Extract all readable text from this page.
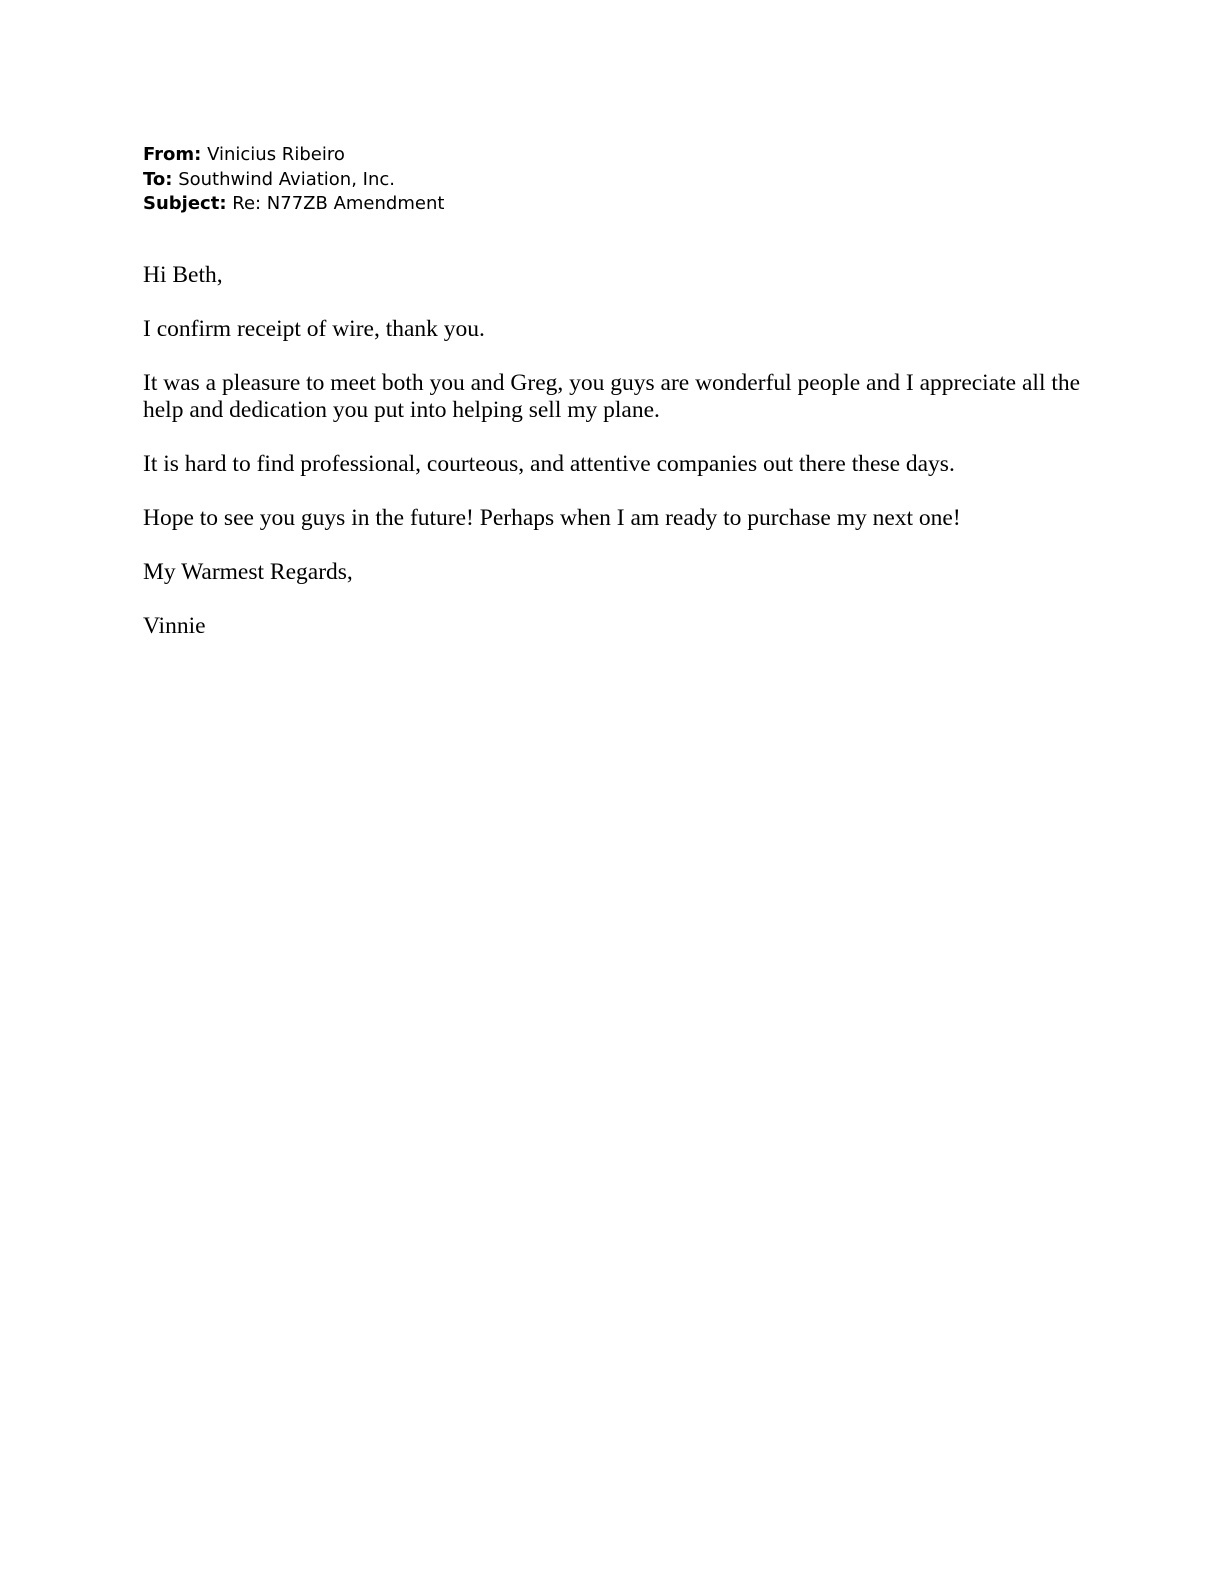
From: Vinicius Ribeiro
To: Southwind Aviation, Inc.
Subject: Re: N77ZB Amendment

Hi Beth,

I confirm receipt of wire, thank you.

It was a pleasure to meet both you and Greg, you guys are wonderful people and I appreciate all the help and dedication you put into helping sell my plane.

It is hard to find professional, courteous, and attentive companies out there these days.

Hope to see you guys in the future! Perhaps when I am ready to purchase my next one!

My Warmest Regards,

Vinnie
